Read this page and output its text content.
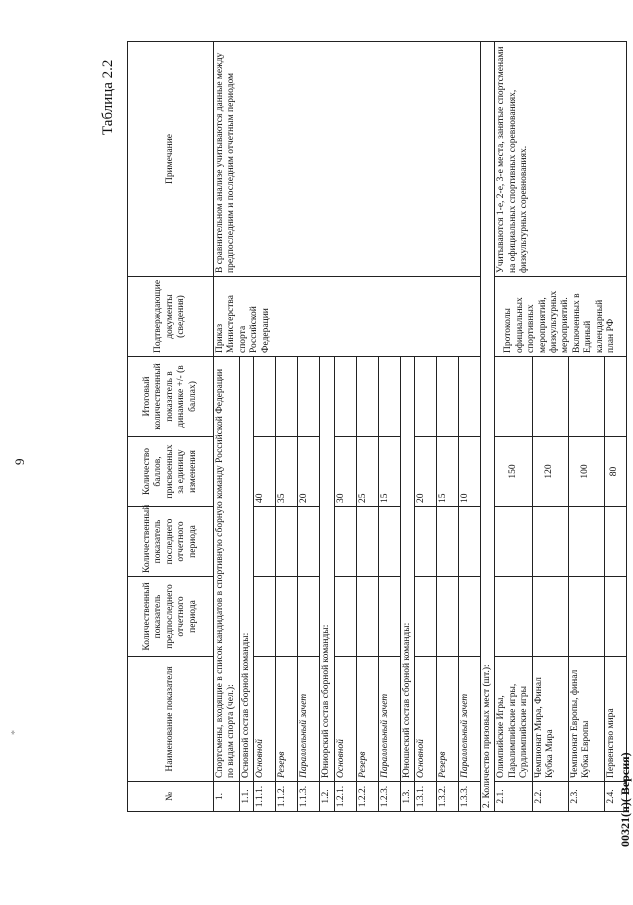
9
*
Таблица 2.2
№	Наименование показателя	Количественный показатель предпоследнего отчетного периода	Количественный показатель последнего отчетного периода	Количество баллов, присвоенных за единицу изменения	Итоговый количественный показатель в динамике +/- (в баллах)	Подтверждающие документы (сведения)	Примечание
1.	Спортсмены, входящие в список кандидатов в спортивную сборную команду Российской Федерации по видам спорта (чел.):					Приказ Министерства спорта Российской Федерации	В сравнительном анализе учитываются данные между предпоследним и последним отчетным периодом
1.1.	Основной состав сборной команды:						
1.1.1.	Основной			40			
1.1.2.	Резерв			35			
1.1.3.	Параллельный зачет			20			
1.2.	Юниорский состав сборной команды:						
1.2.1.	Основной			30			
1.2.2.	Резерв			25			
1.2.3.	Параллельный зачет			15			
1.3.	Юношеский состав сборной команды:						
1.3.1.	Основной			20			
1.3.2.	Резерв			15			
1.3.3.	Параллельный зачет			10			
2. Количество призовых мест (шт.):							
2.1.	Олимпийские Игры, Паралимпийские игры, Сурдлимпийские игры			150		Протоколы официальных спортивных мероприятий, физкультурных мероприятий. Включенных в Единый календарный план РФ	Учитываются 1-е, 2-е, 3-е места, занятые спортсменами на официальных спортивных соревнованиях, физкультурных соревнованиях.
2.2.	Чемпионат Мира, Финал Кубка Мира			120			
2.3.	Чемпионат Европы, финал Кубка Европы			100			
2.4.	Первенство мира			80			
00321(п)( Версия)
